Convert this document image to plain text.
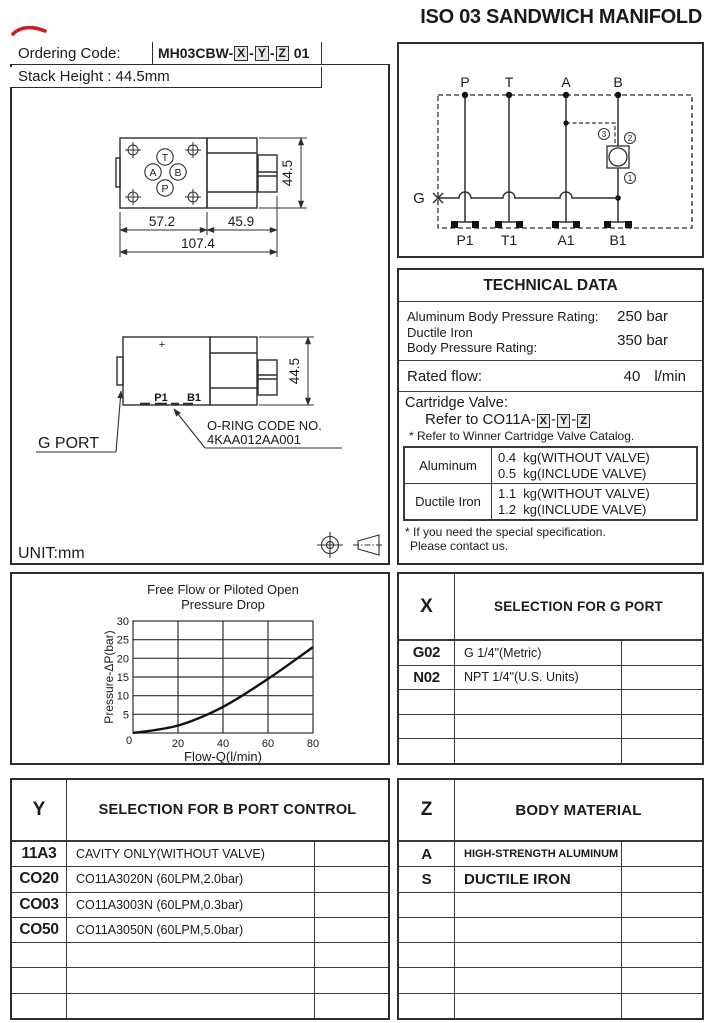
ISO 03 SANDWICH MANIFOLD
Ordering Code:	MH03CBW- X - Y - Z
01
Stack Height : 44.5mm
T
A B
P
57.2	45.9
107.4
44.5
+
P1 B1
44.5
G PORT
O-RING CODE NO.
4KAA012AA001
UNIT:mm
P	T	A	B
G
3	2
1
P1 T1	A1 B1
TECHNICAL DATA
Aluminum Body Pressure Rating: 250 bar
Ductile Iron
Body Pressure Rating:	350 bar
Rated flow:	40 l/min
Cartridge Valve:
Refer to CO11A- X - Y - Z
* Refer to Winner Cartridge Valve Catalog.
Aluminum
0.4  kg(WITHOUT VALVE)
0.5  kg(INCLUDE VALVE)
Ductile Iron
1.1  kg(WITHOUT VALVE)
1.2  kg(INCLUDE VALVE)
* If you need the special specification.
Please contact us.
Free Flow or Piloted Open
Pressure Drop
30
25
20
15
10
5
0	20	40	60	80
Pressure-ΔP(bar)
Flow-Q(l/min)
X	SELECTION FOR G PORT
G02	G 1/4"(Metric)
N02	NPT 1/4"(U.S. Units)
Y	SELECTION FOR B PORT CONTROL
11A3	CAVITY ONLY(WITHOUT VALVE)
CO20	CO11A3020N (60LPM,2.0bar)
CO03	CO11A3003N (60LPM,0.3bar)
CO50	CO11A3050N (60LPM,5.0bar)
Z	BODY MATERIAL
A	HIGH-STRENGTH ALUMINUM
S	DUCTILE IRON
